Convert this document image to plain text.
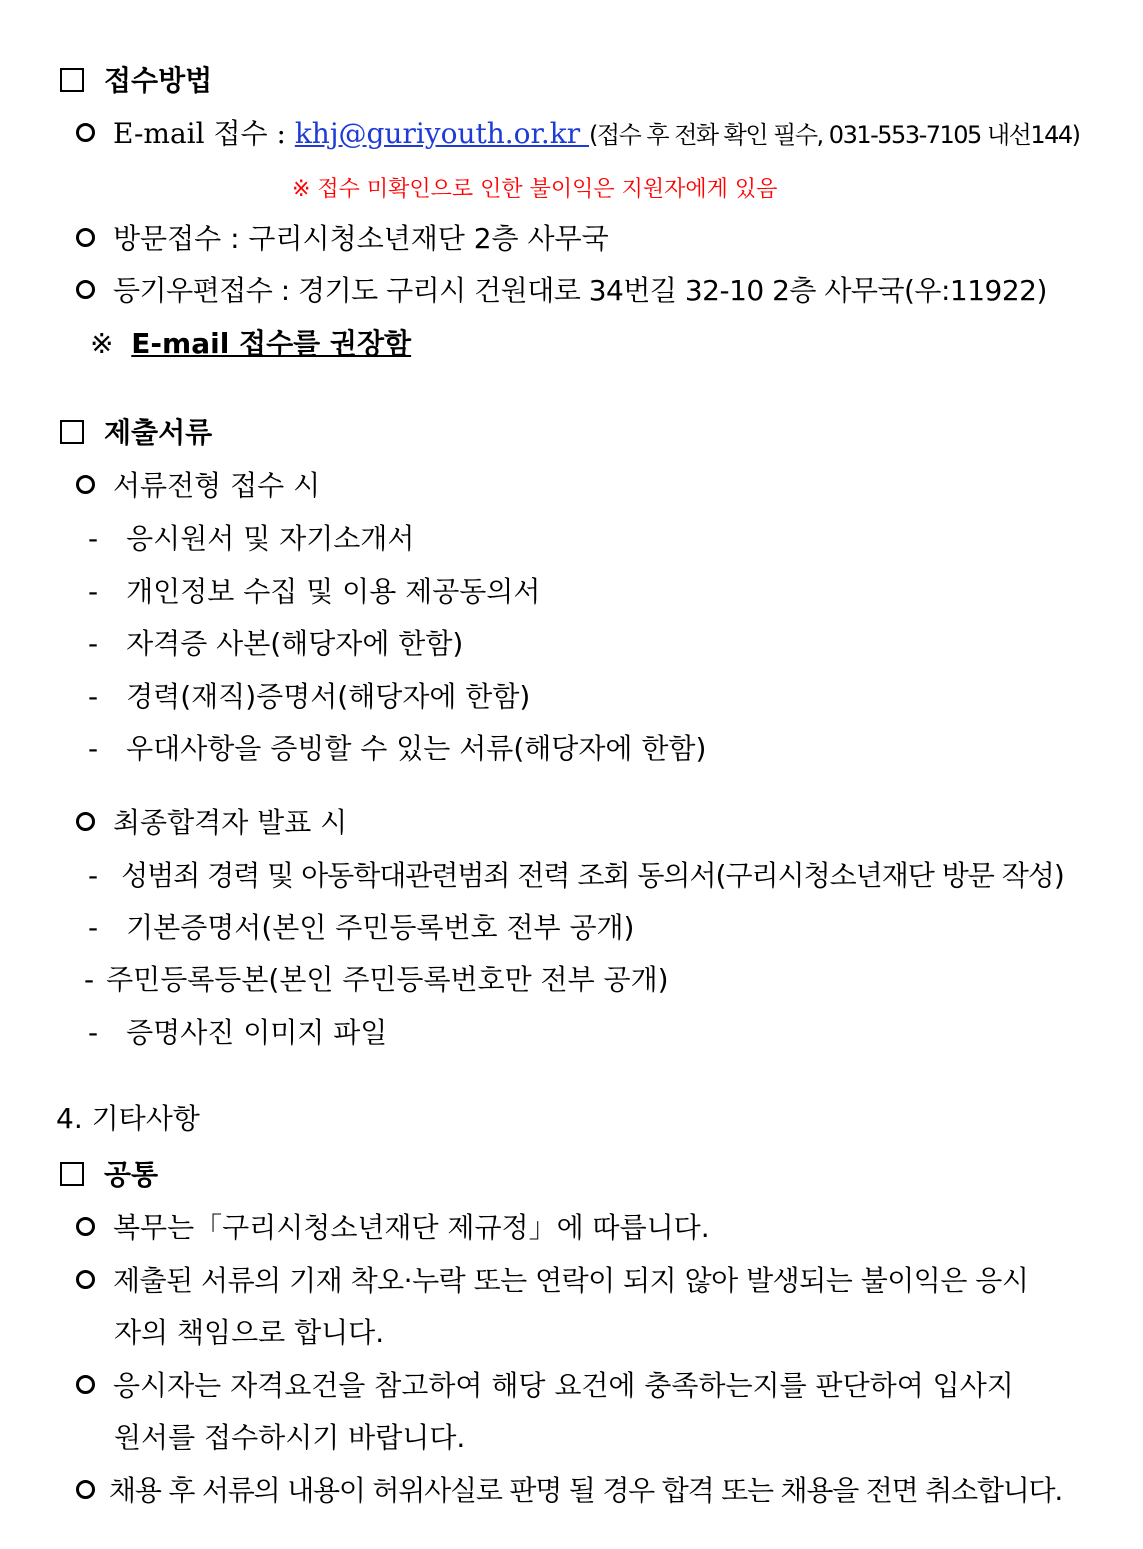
접수방법
E-mail 접수 : khj@guriyouth.or.kr (접수 후 전화 확인 필수, 031-553-7105 내선144)
※ 접수 미확인으로 인한 불이익은 지원자에게 있음
방문접수 : 구리시청소년재단 2층 사무국
등기우편접수 : 경기도 구리시 건원대로 34번길 32-10 2층 사무국(우:11922)
※ E-mail 접수를 권장함
제출서류
서류전형 접수 시
- 응시원서 및 자기소개서
- 개인정보 수집 및 이용 제공동의서
- 자격증 사본(해당자에 한함)
- 경력(재직)증명서(해당자에 한함)
- 우대사항을 증빙할 수 있는 서류(해당자에 한함)
최종합격자 발표 시
- 성범죄 경력 및 아동학대관련범죄 전력 조회 동의서(구리시청소년재단 방문 작성)
- 기본증명서(본인 주민등록번호 전부 공개)
- 주민등록등본(본인 주민등록번호만 전부 공개)
- 증명사진 이미지 파일
4. 기타사항
공통
복무는「구리시청소년재단 제규정」에 따릅니다.
제출된 서류의 기재 착오·누락 또는 연락이 되지 않아 발생되는 불이익은 응시
자의 책임으로 합니다.
응시자는 자격요건을 참고하여 해당 요건에 충족하는지를 판단하여 입사지
원서를 접수하시기 바랍니다.
채용 후 서류의 내용이 허위사실로 판명 될 경우 합격 또는 채용을 전면 취소합니다.
